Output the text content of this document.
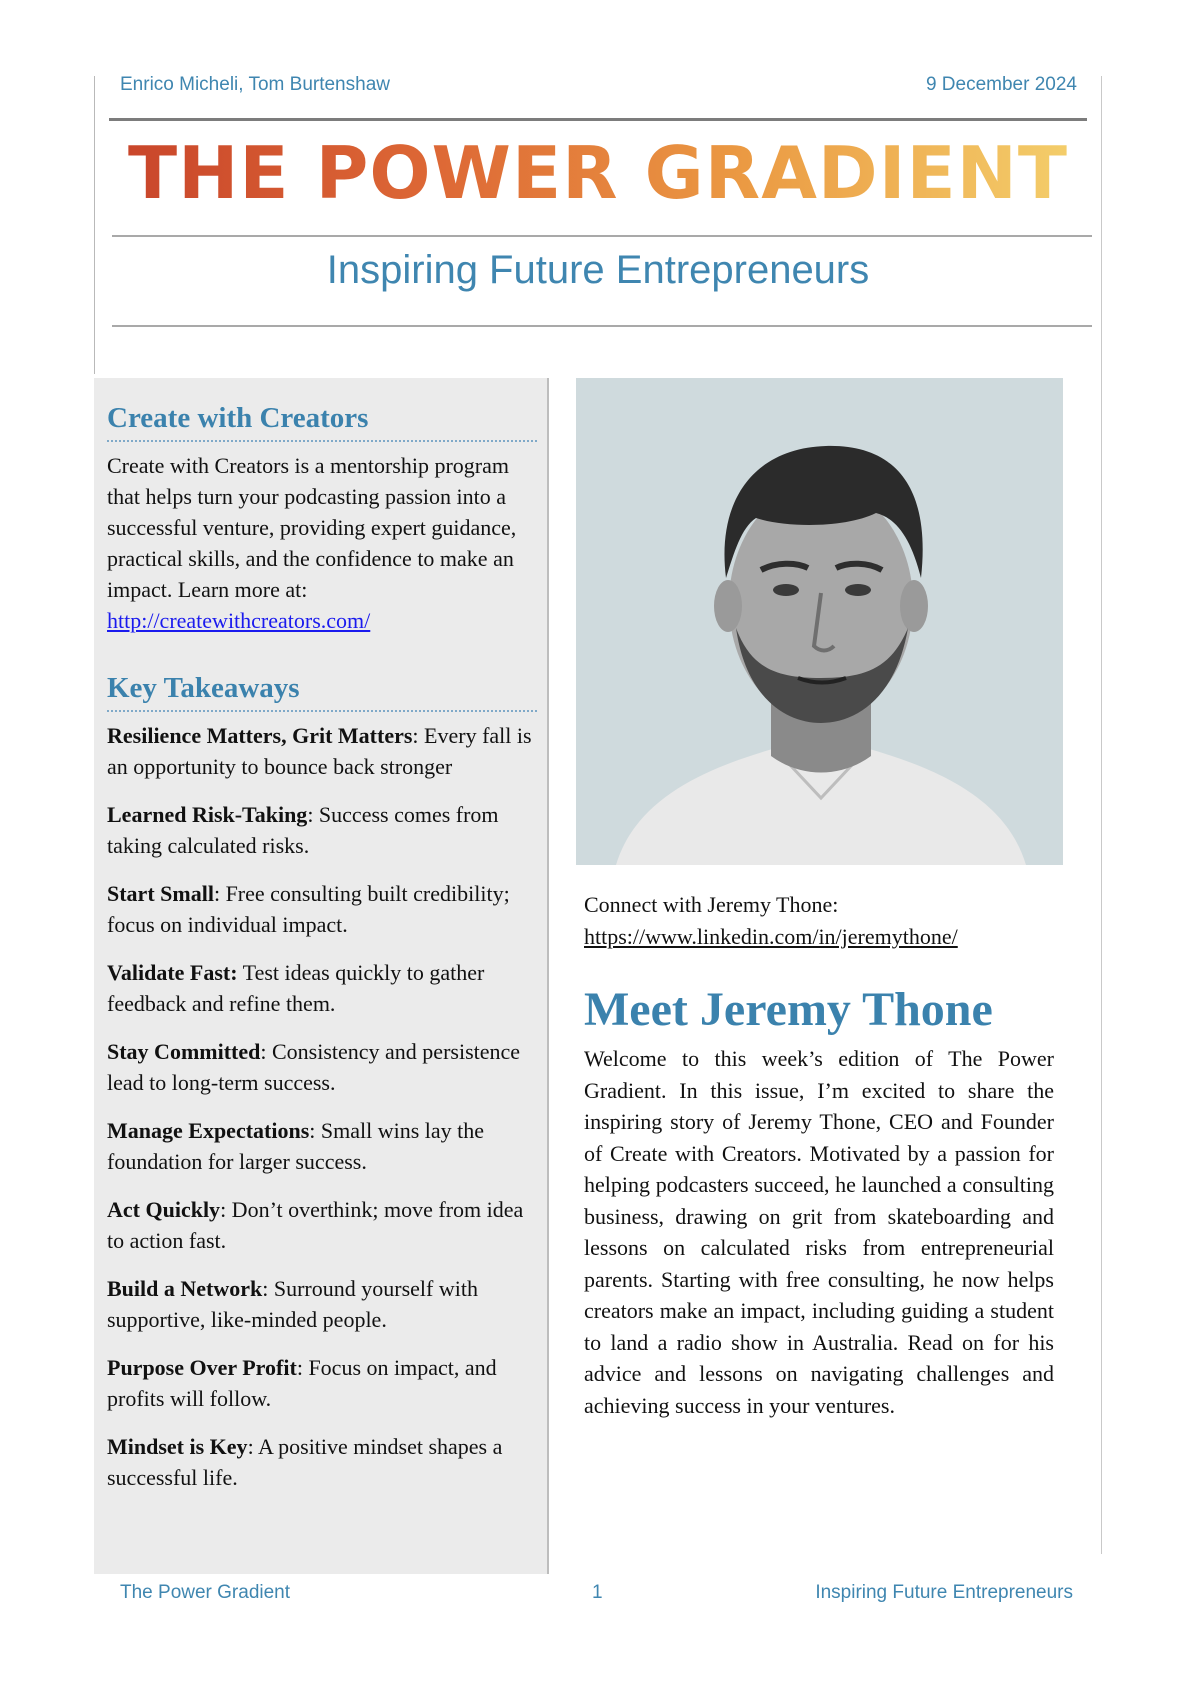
Enrico Micheli, Tom Burtenshaw	9 December 2024
THE POWER GRADIENT
Inspiring Future Entrepreneurs
Create with Creators

Create with Creators is a mentorship program that helps turn your podcasting passion into a successful venture, providing expert guidance, practical skills, and the confidence to make an impact. Learn more at: http://createwithcreators.com/

Key Takeaways

Resilience Matters, Grit Matters: Every fall is an opportunity to bounce back stronger

Learned Risk-Taking: Success comes from taking calculated risks.

Start Small: Free consulting built credibility; focus on individual impact.

Validate Fast: Test ideas quickly to gather feedback and refine them.

Stay Committed: Consistency and persistence lead to long-term success.

Manage Expectations: Small wins lay the foundation for larger success.

Act Quickly: Don’t overthink; move from idea to action fast.

Build a Network: Surround yourself with supportive, like-minded people.

Purpose Over Profit: Focus on impact, and profits will follow.

Mindset is Key: A positive mindset shapes a successful life.

Connect with Jeremy Thone:
https://www.linkedin.com/in/jeremythone/
Meet Jeremy Thone

Welcome to this week’s edition of The Power Gradient. In this issue, I’m excited to share the inspiring story of Jeremy Thone, CEO and Founder of Create with Creators. Motivated by a passion for helping podcasters succeed, he launched a consulting business, drawing on grit from skateboarding and lessons on calculated risks from entrepreneurial parents. Starting with free consulting, he now helps creators make an impact, including guiding a student to land a radio show in Australia. Read on for his advice and lessons on navigating challenges and achieving success in your ventures.

The Power Gradient	1	Inspiring Future Entrepreneurs
